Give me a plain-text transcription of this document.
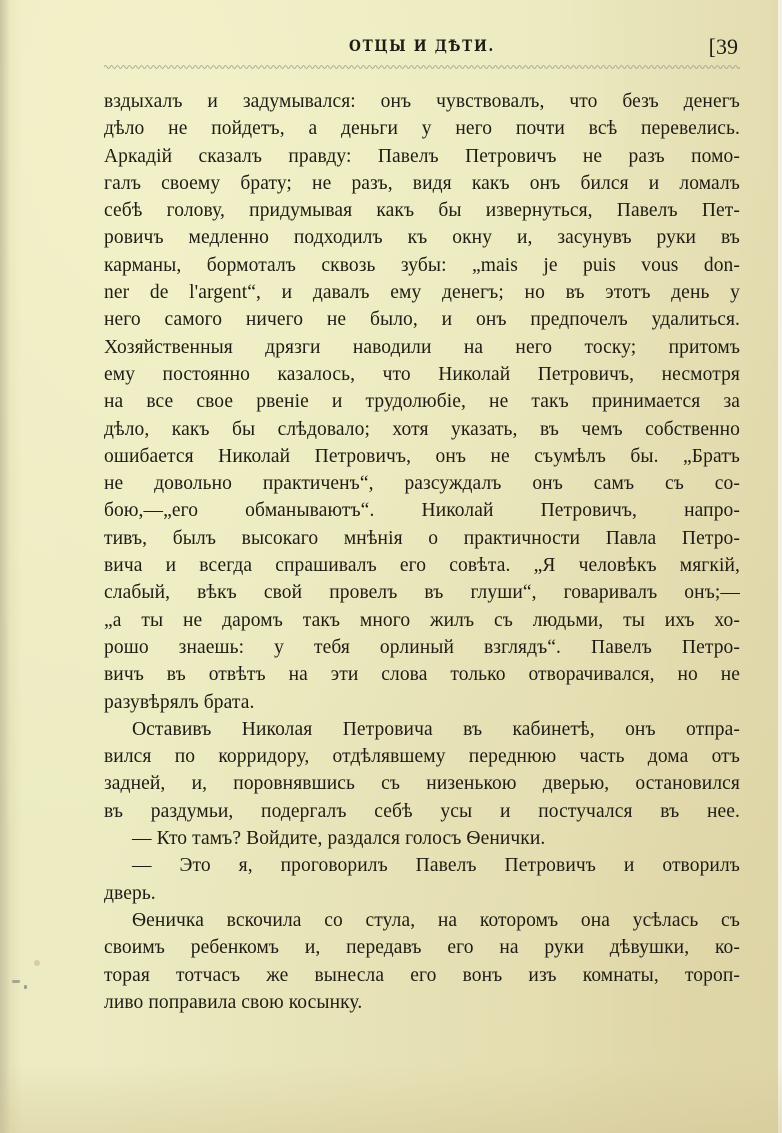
ОТЦЫ И ДѢТИ.	[39
вздыхалъ и задумывался: онъ чувствовалъ, что безъ денегъ
дѣло не пойдетъ, а деньги у него почти всѣ перевелись.
Аркадій сказалъ правду: Павелъ Петровичъ не разъ помо-
галъ своему брату; не разъ, видя какъ онъ бился и ломалъ
себѣ голову, придумывая какъ бы извернуться, Павелъ Пет-
ровичъ медленно подходилъ къ окну и, засунувъ руки въ
карманы, бормоталъ сквозь зубы: „mais je puis vous don-
ner de l'argent“, и давалъ ему денегъ; но въ этотъ день у
него самого ничего не было, и онъ предпочелъ удалиться.
Хозяйственныя дрязги наводили на него тоску; притомъ
ему постоянно казалось, что Николай Петровичъ, несмотря
на все свое рвеніе и трудолюбіе, не такъ принимается за
дѣло, какъ бы слѣдовало; хотя указать, въ чемъ собственно
ошибается Николай Петровичъ, онъ не съумѣлъ бы. „Братъ
не довольно практиченъ“, разсуждалъ онъ самъ съ со-
бою,—„его обманываютъ“. Николай Петровичъ, напро-
тивъ, былъ высокаго мнѣнія о практичности Павла Петро-
вича и всегда спрашивалъ его совѣта. „Я человѣкъ мягкій,
слабый, вѣкъ свой провелъ въ глуши“, говаривалъ онъ;—
„а ты не даромъ такъ много жилъ съ людьми, ты ихъ хо-
рошо знаешь: у тебя орлиный взглядъ“. Павелъ Петро-
вичъ въ отвѣтъ на эти слова только отворачивался, но не
разувѣрялъ брата.
Оставивъ Николая Петровича въ кабинетѣ, онъ отпра-
вился по корридору, отдѣлявшему переднюю часть дома отъ
задней, и, поровнявшись съ низенькою дверью, остановился
въ раздумьи, подергалъ себѣ усы и постучался въ нее.
— Кто тамъ? Войдите, раздался голосъ Ѳенички.
— Это я, проговорилъ Павелъ Петровичъ и отворилъ
дверь.
Ѳеничка вскочила со стула, на которомъ она усѣлась съ
своимъ ребенкомъ и, передавъ его на руки дѣвушки, ко-
торая тотчасъ же вынесла его вонъ изъ комнаты, тороп-
ливо поправила свою косынку.
